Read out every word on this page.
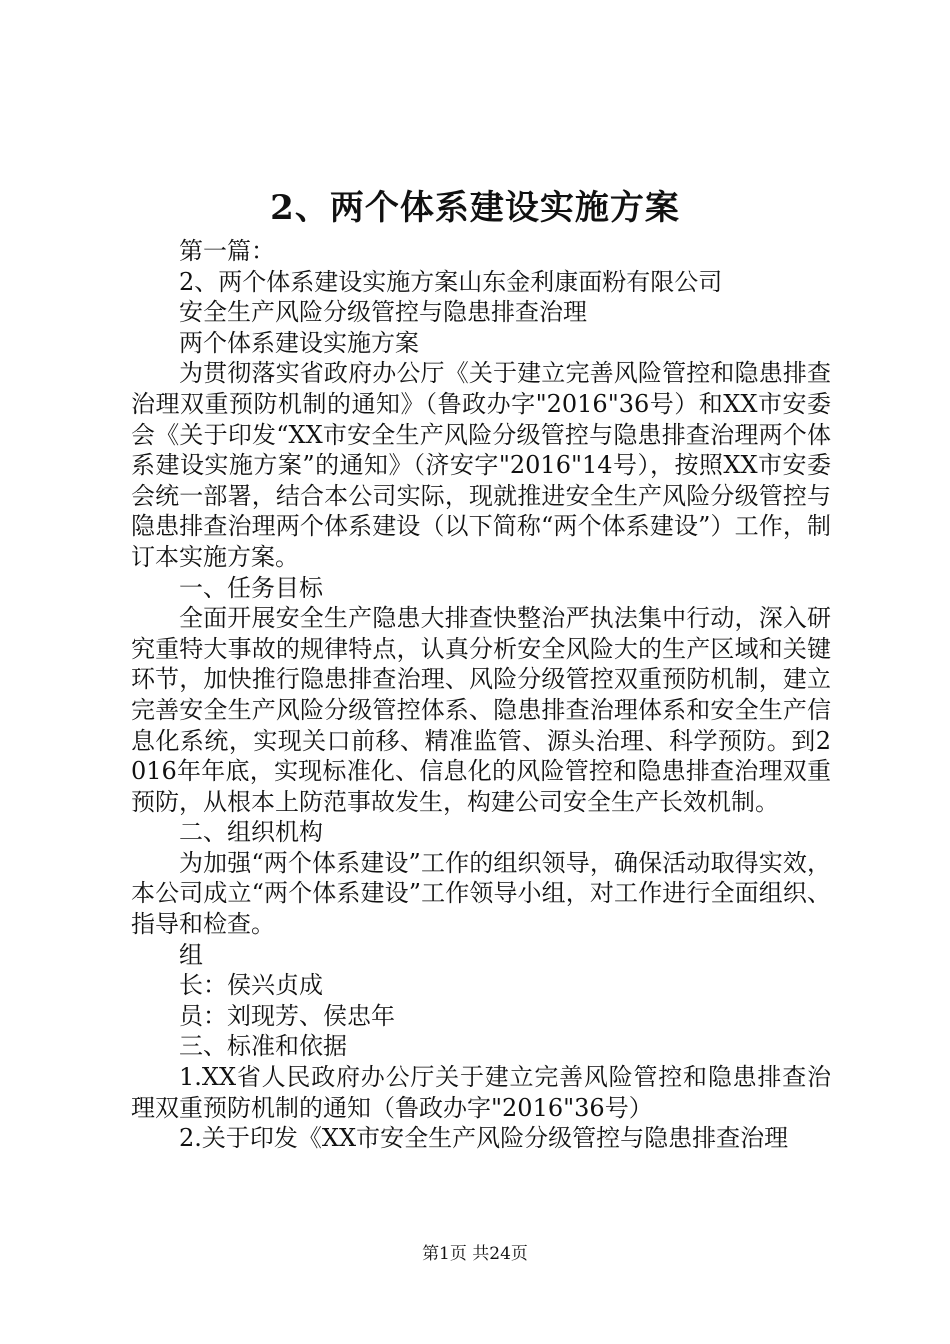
2、两个体系建设实施方案

第一篇：

2、两个体系建设实施方案山东金利康面粉有限公司

安全生产风险分级管控与隐患排查治理

两个体系建设实施方案

为贯彻落实省政府办公厅《关于建立完善风险管控和隐患排查治理双重预防机制的通知》（鲁政办字"2016"36号）和XX市安委会《关于印发“XX市安全生产风险分级管控与隐患排查治理两个体系建设实施方案”的通知》（济安字"2016"14号），按照XX市安委会统一部署，结合本公司实际，现就推进安全生产风险分级管控与隐患排查治理两个体系建设（以下简称“两个体系建设”）工作，制订本实施方案。

一、任务目标

全面开展安全生产隐患大排查快整治严执法集中行动，深入研究重特大事故的规律特点，认真分析安全风险大的生产区域和关键环节，加快推行隐患排查治理、风险分级管控双重预防机制，建立完善安全生产风险分级管控体系、隐患排查治理体系和安全生产信息化系统，实现关口前移、精准监管、源头治理、科学预防。到2016年年底，实现标准化、信息化的风险管控和隐患排查治理双重预防，从根本上防范事故发生，构建公司安全生产长效机制。

二、组织机构

为加强“两个体系建设”工作的组织领导，确保活动取得实效，本公司成立“两个体系建设”工作领导小组，对工作进行全面组织、指导和检查。

组

长：侯兴贞成

员：刘现芳、侯忠年

三、标准和依据

1.XX省人民政府办公厅关于建立完善风险管控和隐患排查治理双重预防机制的通知（鲁政办字"2016"36号）

2.关于印发《XX市安全生产风险分级管控与隐患排查治理

第1页 共24页
